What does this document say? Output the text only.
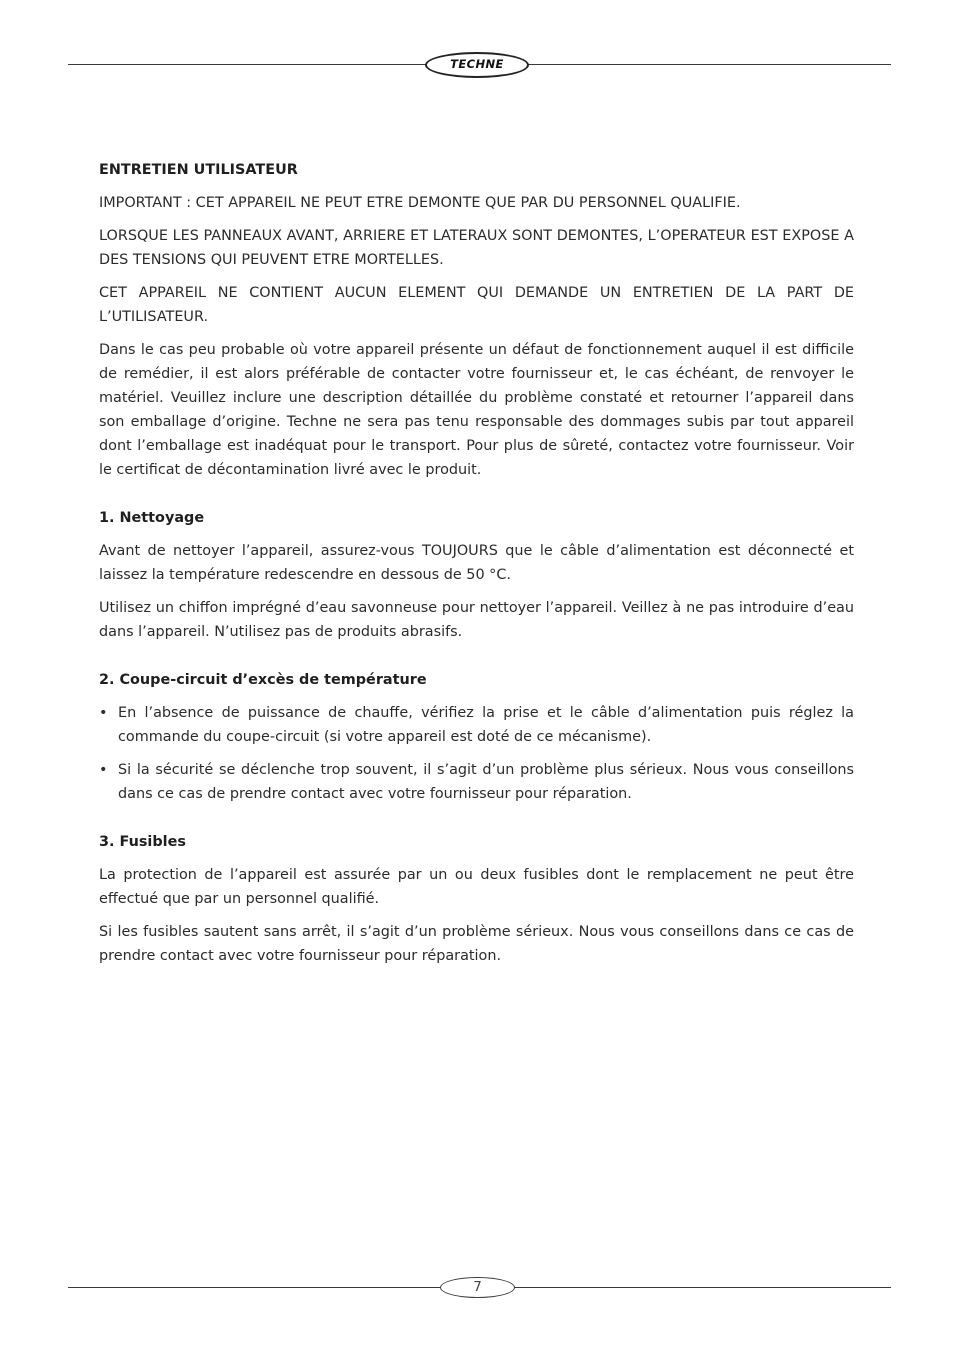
TECHNE
ENTRETIEN UTILISATEUR

IMPORTANT : CET APPAREIL NE PEUT ETRE DEMONTE QUE PAR DU PERSONNEL QUALIFIE.

LORSQUE LES PANNEAUX AVANT, ARRIERE ET LATERAUX SONT DEMONTES, L’OPERATEUR EST EXPOSE A DES TENSIONS QUI PEUVENT ETRE MORTELLES.

CET APPAREIL NE CONTIENT AUCUN ELEMENT QUI DEMANDE UN ENTRETIEN DE LA PART DE L’UTILISATEUR.

Dans le cas peu probable où votre appareil présente un défaut de fonctionnement auquel il est difficile de remédier, il est alors préférable de contacter votre fournisseur et, le cas échéant, de renvoyer le matériel. Veuillez inclure une description détaillée du problème constaté et retourner l’appareil dans son emballage d’origine. Techne ne sera pas tenu responsable des dommages subis par tout appareil dont l’emballage est inadéquat pour le transport. Pour plus de sûreté, contactez votre fournisseur. Voir le certificat de décontamination livré avec le produit.

1. Nettoyage

Avant de nettoyer l’appareil, assurez-vous TOUJOURS que le câble d’alimentation est déconnecté et laissez la température redescendre en dessous de 50 °C.

Utilisez un chiffon imprégné d’eau savonneuse pour nettoyer l’appareil. Veillez à ne pas introduire d’eau dans l’appareil. N’utilisez pas de produits abrasifs.

2. Coupe-circuit d’excès de température
• En l’absence de puissance de chauffe, vérifiez la prise et le câble d’alimentation puis réglez la commande du coupe-circuit (si votre appareil est doté de ce mécanisme).
• Si la sécurité se déclenche trop souvent, il s’agit d’un problème plus sérieux. Nous vous conseillons dans ce cas de prendre contact avec votre fournisseur pour réparation.
3. Fusibles

La protection de l’appareil est assurée par un ou deux fusibles dont le remplacement ne peut être effectué que par un personnel qualifié.

Si les fusibles sautent sans arrêt, il s’agit d’un problème sérieux. Nous vous conseillons dans ce cas de prendre contact avec votre fournisseur pour réparation.

7
